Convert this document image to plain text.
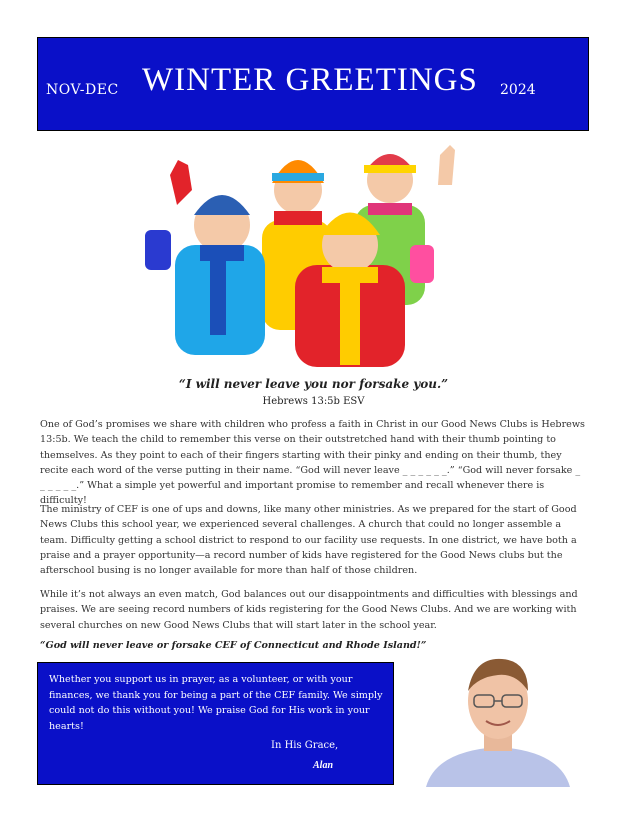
NOV-DEC WINTER GREETINGS 2024
“I will never leave you nor forsake you.”
Hebrews 13:5b ESV

One of God’s promises we share with children who profess a faith in Christ in our Good News Clubs is Hebrews 13:5b. We teach the child to remember this verse on their outstretched hand with their thumb pointing to themselves. As they point to each of their fingers starting with their pinky and ending on their thumb, they recite each word of the verse putting in their name. “God will never leave _ _ _ _ _ _.” “God will never forsake _ _ _ _ _ _.” What a simple yet powerful and important promise to remember and recall whenever there is difficulty!

The ministry of CEF is one of ups and downs, like many other ministries. As we prepared for the start of Good News Clubs this school year, we experienced several challenges. A church that could no longer assemble a team. Difficulty getting a school district to respond to our facility use requests. In one district, we have both a praise and a prayer opportunity—a record number of kids have registered for the Good News clubs but the afterschool busing is no longer available for more than half of those children.

While it’s not always an even match, God balances out our disappointments and difficulties with blessings and praises. We are seeing record numbers of kids registering for the Good News Clubs. And we are working with several churches on new Good News Clubs that will start later in the school year.

“God will never leave or forsake CEF of Connecticut and Rhode Island!”

Whether you support us in prayer, as a volunteer, or with your finances, we thank you for being a part of the CEF family. We simply could not do this without you! We praise God for His work in your hearts!

In His Grace,
Alan
